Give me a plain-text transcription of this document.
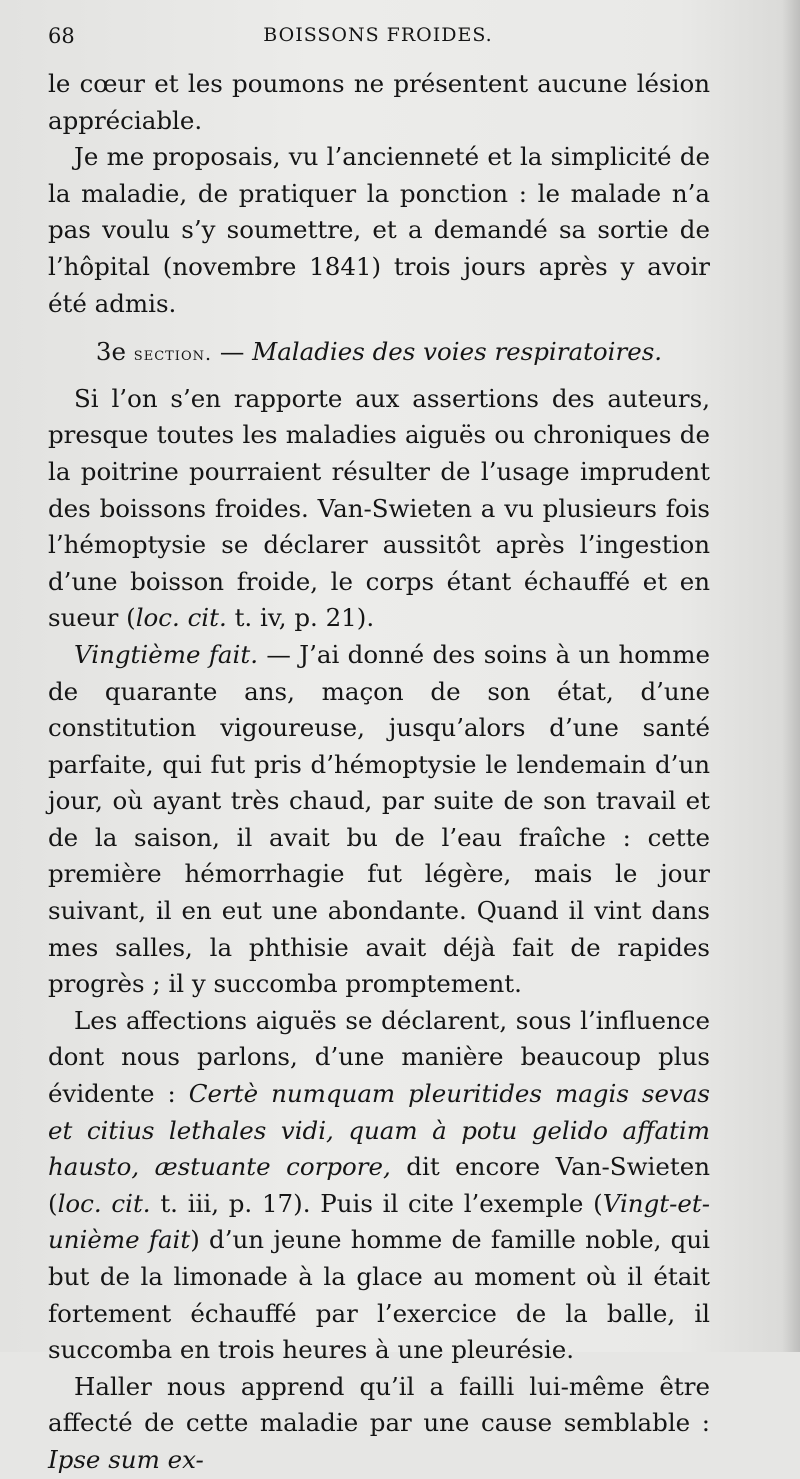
68	BOISSONS FROIDES.

le cœur et les poumons ne présentent aucune lésion appréciable.

Je me proposais, vu l’ancienneté et la simplicité de la maladie, de pratiquer la ponction : le malade n’a pas voulu s’y soumettre, et a demandé sa sortie de l’hôpital (novembre 1841) trois jours après y avoir été admis.

3e section. — Maladies des voies respiratoires.

Si l’on s’en rapporte aux assertions des auteurs, presque toutes les maladies aiguës ou chroniques de la poitrine pourraient résulter de l’usage imprudent des boissons froides. Van-Swieten a vu plusieurs fois l’hémoptysie se déclarer aussitôt après l’ingestion d’une boisson froide, le corps étant échauffé et en sueur (loc. cit. t. iv, p. 21).

Vingtième fait. — J’ai donné des soins à un homme de quarante ans, maçon de son état, d’une constitution vigoureuse, jusqu’alors d’une santé parfaite, qui fut pris d’hémoptysie le lendemain d’un jour, où ayant très chaud, par suite de son travail et de la saison, il avait bu de l’eau fraîche : cette première hémorrhagie fut légère, mais le jour suivant, il en eut une abondante. Quand il vint dans mes salles, la phthisie avait déjà fait de rapides progrès ; il y succomba promptement.

Les affections aiguës se déclarent, sous l’influence dont nous parlons, d’une manière beaucoup plus évidente : Certè numquam pleuritides magis sevas et citius lethales vidi, quam à potu gelido affatim hausto, æstuante corpore, dit encore Van-Swieten (loc. cit. t. iii, p. 17). Puis il cite l’exemple (Vingt-et-unième fait) d’un jeune homme de famille noble, qui but de la limonade à la glace au moment où il était fortement échauffé par l’exercice de la balle, il succomba en trois heures à une pleurésie.

Haller nous apprend qu’il a failli lui-même être affecté de cette maladie par une cause semblable : Ipse sum ex-
